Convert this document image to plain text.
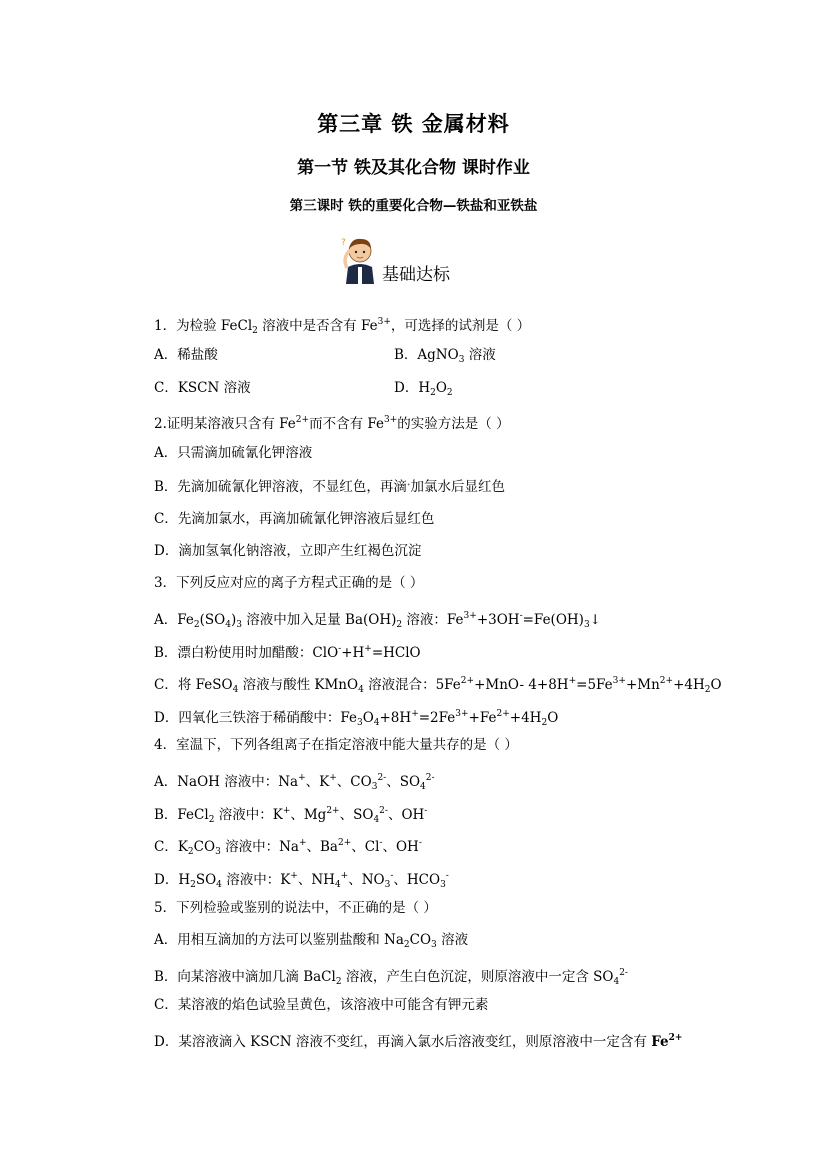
第三章 铁 金属材料
第一节 铁及其化合物 课时作业
第三课时 铁的重要化合物—铁盐和亚铁盐
?
基础达标
1．为检验 FeCl$_2$ 溶液中是否含有 $Fe^{3+}$，可选择的试剂是（ ）
A．稀盐酸	B．AgNO$_3$ 溶液
C．KSCN 溶液	D．$H_2O_2$
2.证明某溶液只含有 $Fe^{2+}$而不含有 $Fe^{3+}$的实验方法是（ ）
A．只需滴加硫氰化钾溶液
B．先滴加硫氰化钾溶液，不显红色，再滴•加氯水后显红色
C．先滴加氯水，再滴加硫氰化钾溶液后显红色
D．滴加氢氧化钠溶液，立即产生红褐色沉淀
3．下列反应对应的离子方程式正确的是（ ）
A．$Fe_2(SO_4)_3$ 溶液中加入足量 $Ba(OH)_2$ 溶液：$Fe^{3+}+3OH^-=Fe(OH)_3↓$
B．漂白粉使用时加醋酸：ClO-+H+=HClO
C．将 FeSO$_4$ 溶液与酸性 KMnO$_4$ 溶液混合：$5Fe^{2+}+MnO-$ $4+8H^+=5Fe^{3+}+Mn^{2+}+4H_2O$
D．四氧化三铁溶于稀硝酸中：$Fe_3O_4+8H^+=2Fe^{3+}+Fe^{2+}+4H_2O$
4．室温下，下列各组离子在指定溶液中能大量共存的是（ ）
A．NaOH 溶液中：Na+、K+、$CO_3^{2-}$、$SO_4^{2-}$
B．FeCl$_2$ 溶液中：K+、$Mg^{2+}$、$SO_4^{2-}$、OH-
C．$K_2CO_3$ 溶液中：Na+、$Ba^{2+}$、Cl-、OH-
D．$H_2SO_4$ 溶液中：K+、$NH_4^+$、$NO_3^-$、$HCO_3^-$
5．下列检验或鉴别的说法中，不正确的是（ ）
A．用相互滴加的方法可以鉴别盐酸和 $Na_2CO_3$ 溶液
B．向某溶液中滴加几滴 BaCl$_2$ 溶液，产生白色沉淀，则原溶液中一定含 $SO_4^{2-}$
C．某溶液的焰色试验呈黄色，该溶液中可能含有钾元素
D．某溶液滴入 KSCN 溶液不变红，再滴入氯水后溶液变红，则原溶液中一定含有 $Fe^{2+}$
